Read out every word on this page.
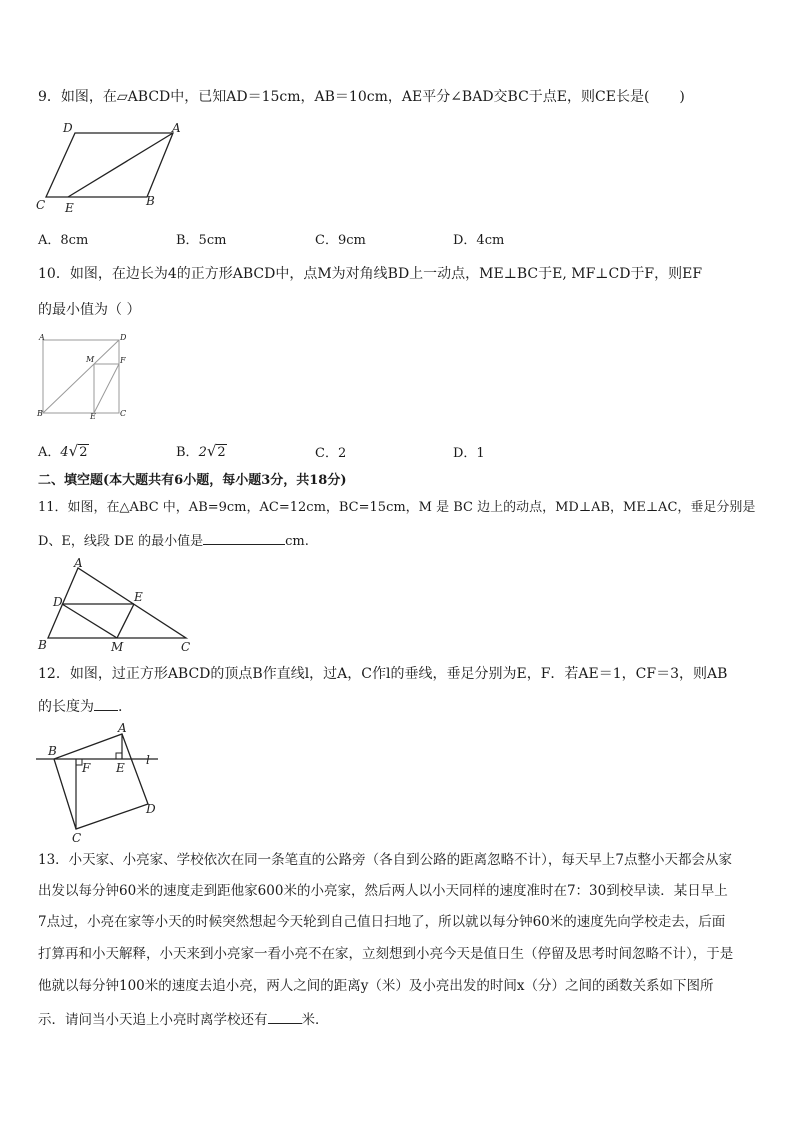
9．如图，在▱ABCD中，已知AD＝15cm，AB＝10cm，AE平分∠BAD交BC于点E，则CE长是( )
D	A
C E	B
A．8cm	B．5cm	C．9cm	D．4cm
10．如图，在边长为4的正方形ABCD中，点M为对角线BD上一动点，ME⊥BC于E, MF⊥CD于F，则EF
的最小值为（ ）
A	D
M	F
B	E	C
A．4√2	B．2√2	C．2	D．1
二、填空题(本大题共有6小题，每小题3分，共18分)
11．如图，在△ABC 中，AB=9cm，AC=12cm，BC=15cm，M 是 BC 边上的动点，MD⊥AB，ME⊥AC，垂足分别是
D、E，线段 DE 的最小值是	cm.
A
D	E
B	M	C
12．如图，过正方形ABCD的顶点B作直线l，过A，C作l的垂线，垂足分别为E，F．若AE＝1，CF＝3，则AB
的长度为 .
A
B
F E
l
D
C
13．小天家、小亮家、学校依次在同一条笔直的公路旁（各自到公路的距离忽略不计），每天早上7点整小天都会从家
出发以每分钟60米的速度走到距他家600米的小亮家，然后两人以小天同样的速度准时在7：30到校早读．某日早上
7点过，小亮在家等小天的时候突然想起今天轮到自己值日扫地了，所以就以每分钟60米的速度先向学校走去，后面
打算再和小天解释，小天来到小亮家一看小亮不在家，立刻想到小亮今天是值日生（停留及思考时间忽略不计），于是
他就以每分钟100米的速度去追小亮，两人之间的距离y（米）及小亮出发的时间x（分）之间的函数关系如下图所
示．请问当小天追上小亮时离学校还有	米．
